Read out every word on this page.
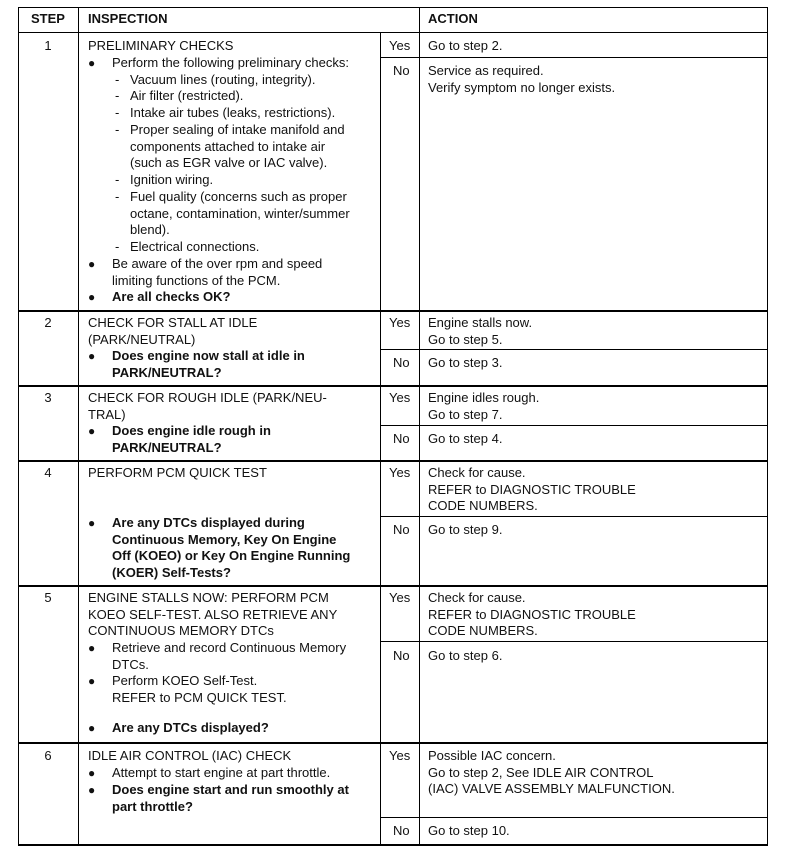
STEP	INSPECTION	ACTION
1	PRELIMINARY CHECKS
● Perform the following preliminary checks:
- Vacuum lines (routing, integrity).
- Air filter (restricted).
- Intake air tubes (leaks, restrictions).
- Proper sealing of intake manifold and
components attached to intake air
(such as EGR valve or IAC valve).
- Ignition wiring.
- Fuel quality (concerns such as proper
octane, contamination, winter/summer
blend).
- Electrical connections.
● Be aware of the over rpm and speed
limiting functions of the PCM.
● Are all checks OK?
Yes Go to step 2.
No Service as required.
Verify symptom no longer exists.
2	CHECK FOR STALL AT IDLE
(PARK/NEUTRAL)
● Does engine now stall at idle in
PARK/NEUTRAL?
Yes Engine stalls now.
Go to step 5.
No Go to step 3.
3	CHECK FOR ROUGH IDLE (PARK/NEU-
TRAL)
● Does engine idle rough in
PARK/NEUTRAL?
Yes Engine idles rough.
Go to step 7.
No Go to step 4.
4	PERFORM PCM QUICK TEST
● Are any DTCs displayed during
Continuous Memory, Key On Engine
Off (KOEO) or Key On Engine Running
(KOER) Self-Tests?
Yes Check for cause.
REFER to DIAGNOSTIC TROUBLE
CODE NUMBERS.
No Go to step 9.
5	ENGINE STALLS NOW: PERFORM PCM
KOEO SELF-TEST. ALSO RETRIEVE ANY
CONTINUOUS MEMORY DTCs
● Retrieve and record Continuous Memory
DTCs.
● Perform KOEO Self-Test.
REFER to PCM QUICK TEST.
● Are any DTCs displayed?
Yes Check for cause.
REFER to DIAGNOSTIC TROUBLE
CODE NUMBERS.
No Go to step 6.
6	IDLE AIR CONTROL (IAC) CHECK
● Attempt to start engine at part throttle.
● Does engine start and run smoothly at
part throttle?
Yes Possible IAC concern.
Go to step 2, See IDLE AIR CONTROL
(IAC) VALVE ASSEMBLY MALFUNCTION.
No Go to step 10.
